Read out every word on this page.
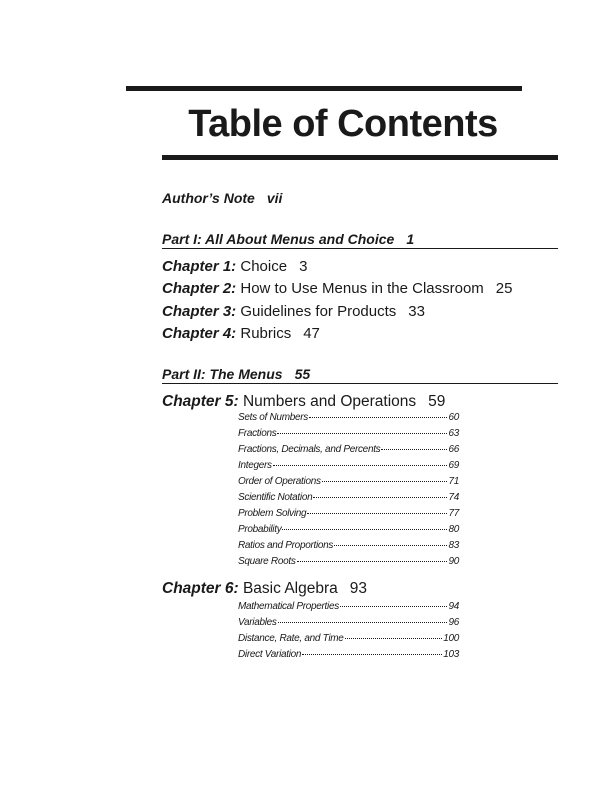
Table of Contents
Author’s Note vii
Part I: All About Menus and Choice 1
Chapter 1: Choice 3
Chapter 2: How to Use Menus in the Classroom 25
Chapter 3: Guidelines for Products 33
Chapter 4: Rubrics 47
Part II: The Menus 55
Chapter 5: Numbers and Operations 59
Sets of Numbers	60
Fractions	63
Fractions, Decimals, and Percents	66
Integers	69
Order of Operations	71
Scientific Notation	74
Problem Solving	77
Probability	80
Ratios and Proportions	83
Square Roots	90
Chapter 6: Basic Algebra 93
Mathematical Properties	94
Variables	96
Distance, Rate, and Time	100
Direct Variation	103
